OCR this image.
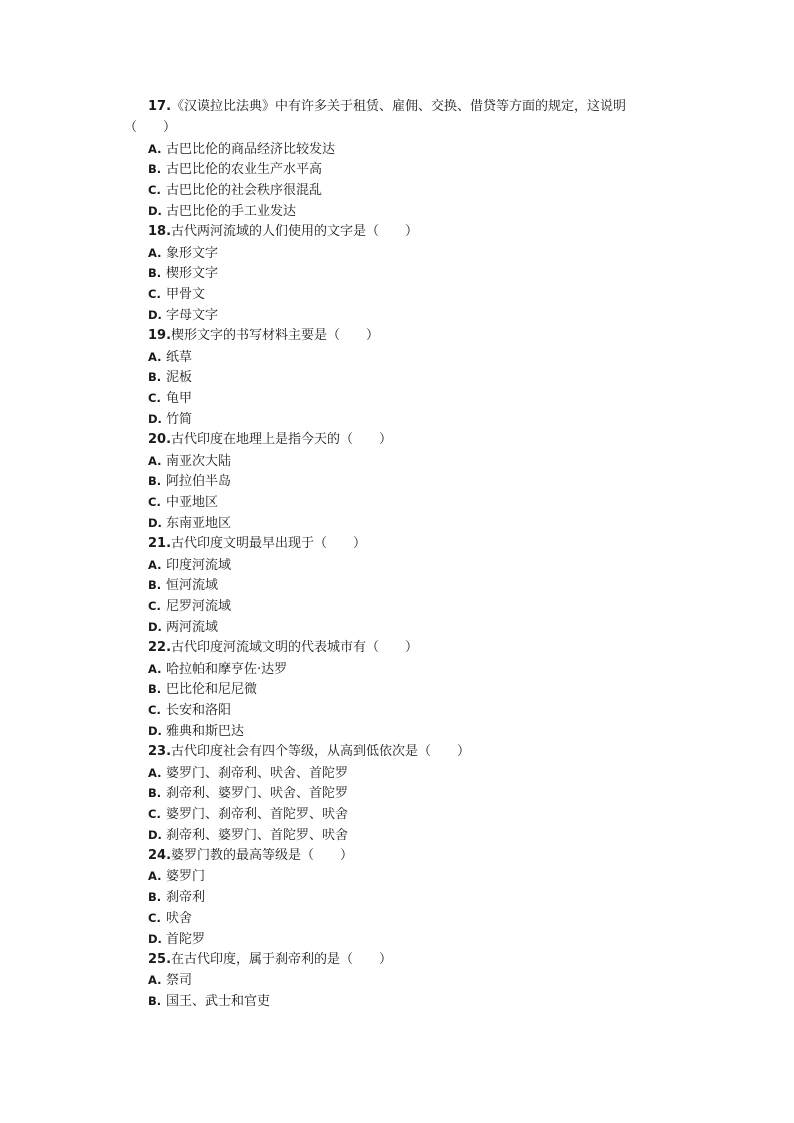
17.《汉谟拉比法典》中有许多关于租赁、雇佣、交换、借贷等方面的规定，这说明
（　　）
A. 古巴比伦的商品经济比较发达
B. 古巴比伦的农业生产水平高
C. 古巴比伦的社会秩序很混乱
D. 古巴比伦的手工业发达
18.古代两河流域的人们使用的文字是（　　）
A. 象形文字
B. 楔形文字
C. 甲骨文
D. 字母文字
19.楔形文字的书写材料主要是（　　）
A. 纸草
B. 泥板
C. 龟甲
D. 竹简
20.古代印度在地理上是指今天的（　　）
A. 南亚次大陆
B. 阿拉伯半岛
C. 中亚地区
D. 东南亚地区
21.古代印度文明最早出现于（　　）
A. 印度河流域
B. 恒河流域
C. 尼罗河流域
D. 两河流域
22.古代印度河流域文明的代表城市有（　　）
A. 哈拉帕和摩亨佐·达罗
B. 巴比伦和尼尼微
C. 长安和洛阳
D. 雅典和斯巴达
23.古代印度社会有四个等级，从高到低依次是（　　）
A. 婆罗门、刹帝利、吠舍、首陀罗
B. 刹帝利、婆罗门、吠舍、首陀罗
C. 婆罗门、刹帝利、首陀罗、吠舍
D. 刹帝利、婆罗门、首陀罗、吠舍
24.婆罗门教的最高等级是（　　）
A. 婆罗门
B. 刹帝利
C. 吠舍
D. 首陀罗
25.在古代印度，属于刹帝利的是（　　）
A. 祭司
B. 国王、武士和官吏
